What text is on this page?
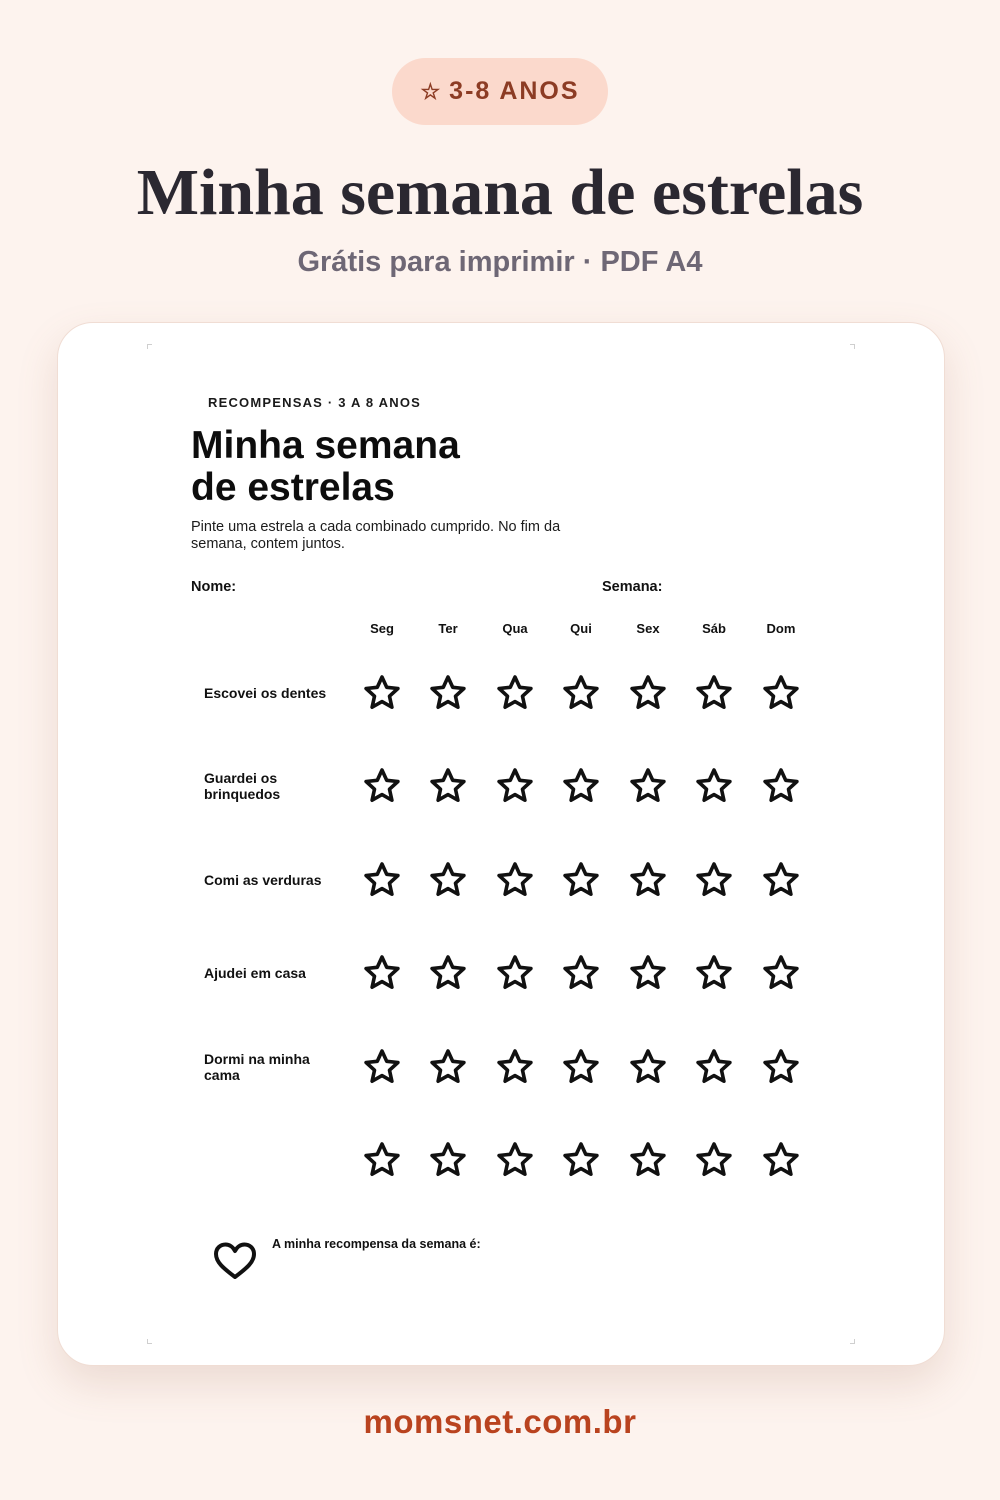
☆ 3-8 ANOS
Minha semana de estrelas
Grátis para imprimir · PDF A4
RECOMPENSAS · 3 A 8 ANOS
Minha semana
de estrelas
Pinte uma estrela a cada combinado cumprido. No fim da semana, contem juntos.
Nome:	Semana:
Seg	Ter	Qua	Qui	Sex	Sáb	Dom
Escovei os dentes
Guardei os brinquedos
Comi as verduras
Ajudei em casa
Dormi na minha cama
A minha recompensa da semana é:
momsnet.com.br
